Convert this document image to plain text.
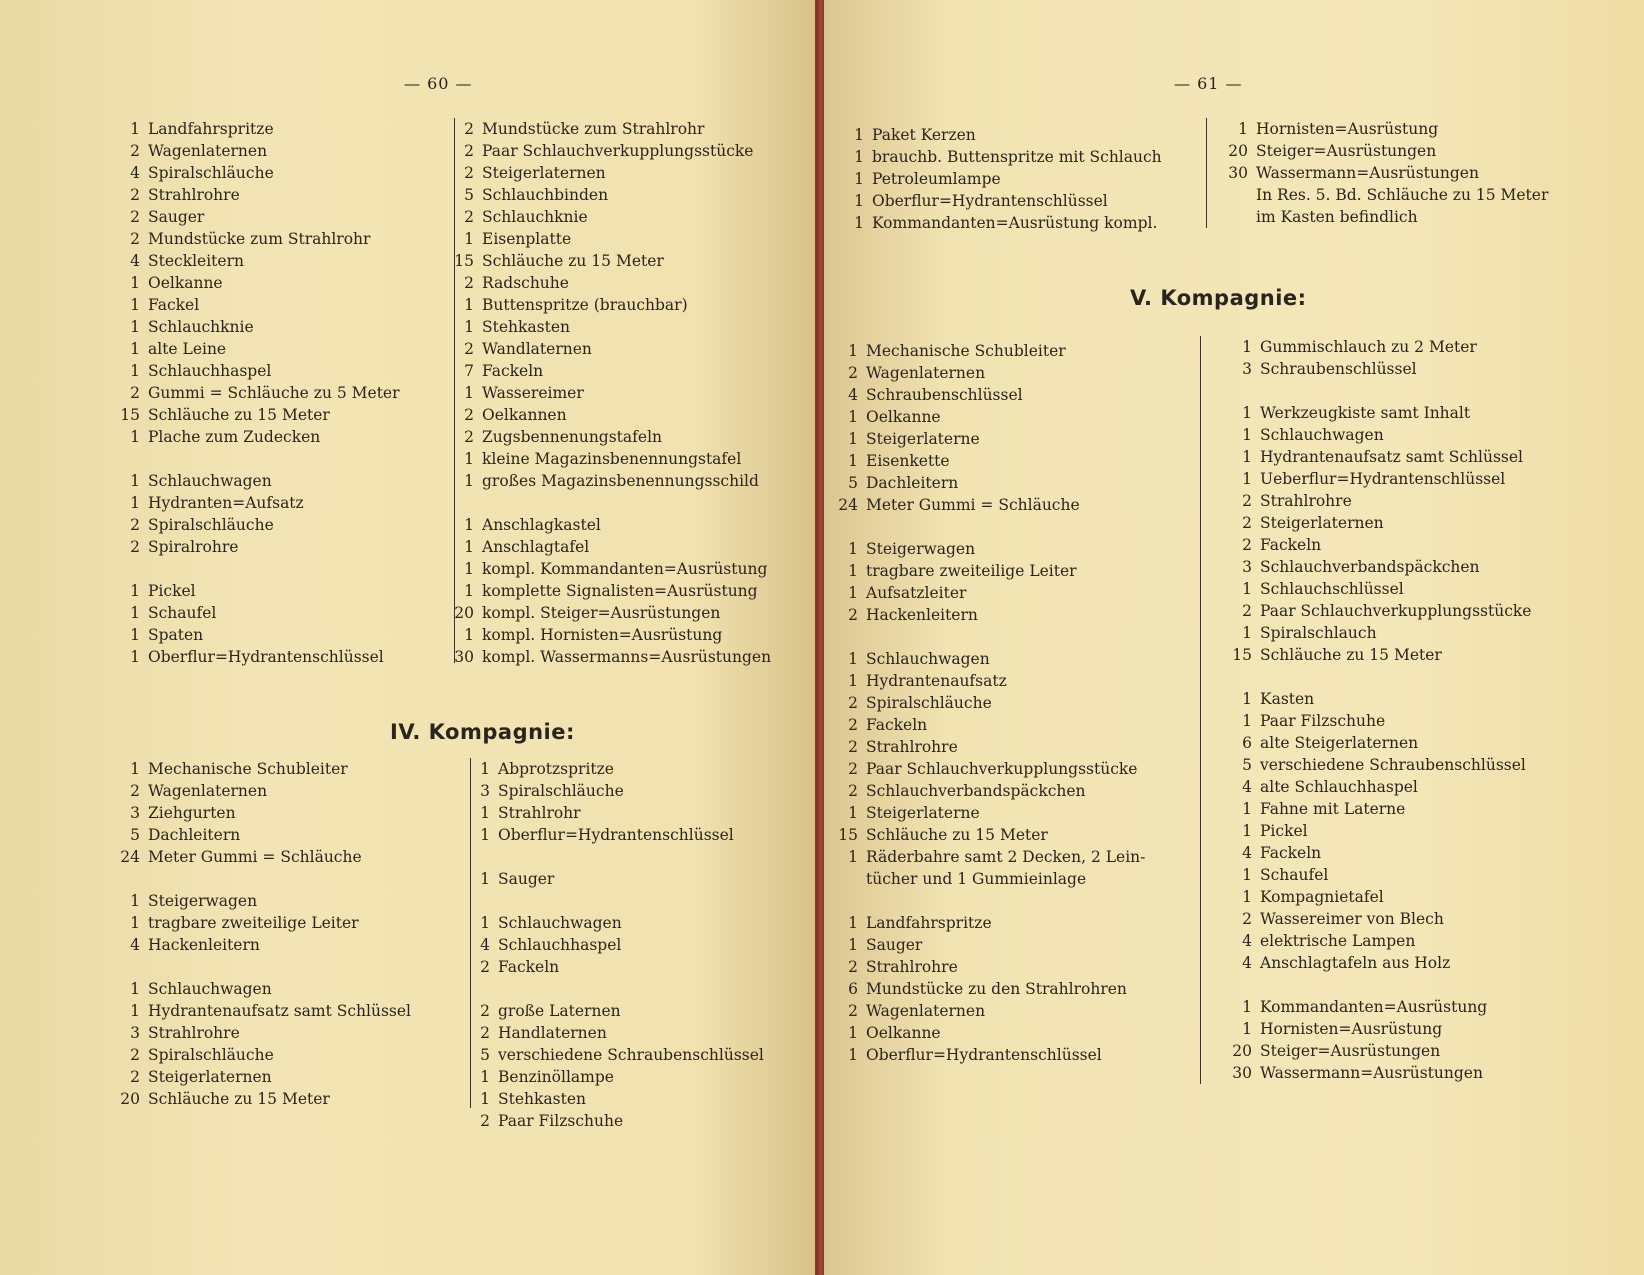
— 60 —
1 Landfahrspritze
2 Wagenlaternen
4 Spiralschläuche
2 Strahlrohre
2 Sauger
2 Mundstücke zum Strahlrohr
4 Steckleitern
1 Oelkanne
1 Fackel
1 Schlauchknie
1 alte Leine
1 Schlauchhaspel
2 Gummi = Schläuche zu 5 Meter
15 Schläuche zu 15 Meter
1 Plache zum Zudecken
1 Schlauchwagen
1 Hydranten=Aufsatz
2 Spiralschläuche
2 Spiralrohre
1 Pickel
1 Schaufel
1 Spaten
1 Oberflur=Hydrantenschlüssel
2 Mundstücke zum Strahlrohr
2 Paar Schlauchverkupplungsstücke
2 Steigerlaternen
5 Schlauchbinden
2 Schlauchknie
1 Eisenplatte
15 Schläuche zu 15 Meter
2 Radschuhe
1 Buttenspritze (brauchbar)
1 Stehkasten
2 Wandlaternen
7 Fackeln
1 Wassereimer
2 Oelkannen
2 Zugsbennenungstafeln
1 kleine Magazinsbenennungstafel
1 großes Magazinsbenennungsschild
1 Anschlagkastel
1 Anschlagtafel
1 kompl. Kommandanten=Ausrüstung
1 komplette Signalisten=Ausrüstung
20 kompl. Steiger=Ausrüstungen
1 kompl. Hornisten=Ausrüstung
30 kompl. Wassermanns=Ausrüstungen
IV. Kompagnie:
1 Mechanische Schubleiter
2 Wagenlaternen
3 Ziehgurten
5 Dachleitern
24 Meter Gummi = Schläuche
1 Steigerwagen
1 tragbare zweiteilige Leiter
4 Hackenleitern
1 Schlauchwagen
1 Hydrantenaufsatz samt Schlüssel
3 Strahlrohre
2 Spiralschläuche
2 Steigerlaternen
20 Schläuche zu 15 Meter
1 Abprotzspritze
3 Spiralschläuche
1 Strahlrohr
1 Oberflur=Hydrantenschlüssel
1 Sauger
1 Schlauchwagen
4 Schlauchhaspel
2 Fackeln
2 große Laternen
2 Handlaternen
5 verschiedene Schraubenschlüssel
1 Benzinöllampe
1 Stehkasten
2 Paar Filzschuhe
— 61 —
1 Paket Kerzen
1 brauchb. Buttenspritze mit Schlauch
1 Petroleumlampe
1 Oberflur=Hydrantenschlüssel
1 Kommandanten=Ausrüstung kompl.
1 Hornisten=Ausrüstung
20 Steiger=Ausrüstungen
30 Wassermann=Ausrüstungen
In Res. 5. Bd. Schläuche zu 15 Meter
im Kasten befindlich
V. Kompagnie:
1 Mechanische Schubleiter
2 Wagenlaternen
4 Schraubenschlüssel
1 Oelkanne
1 Steigerlaterne
1 Eisenkette
5 Dachleitern
24 Meter Gummi = Schläuche
1 Steigerwagen
1 tragbare zweiteilige Leiter
1 Aufsatzleiter
2 Hackenleitern
1 Schlauchwagen
1 Hydrantenaufsatz
2 Spiralschläuche
2 Fackeln
2 Strahlrohre
2 Paar Schlauchverkupplungsstücke
2 Schlauchverbandspäckchen
1 Steigerlaterne
15 Schläuche zu 15 Meter
1 Räderbahre samt 2 Decken, 2 Lein-
tücher und 1 Gummieinlage
1 Landfahrspritze
1 Sauger
2 Strahlrohre
6 Mundstücke zu den Strahlrohren
2 Wagenlaternen
1 Oelkanne
1 Oberflur=Hydrantenschlüssel
1 Gummischlauch zu 2 Meter
3 Schraubenschlüssel
1 Werkzeugkiste samt Inhalt
1 Schlauchwagen
1 Hydrantenaufsatz samt Schlüssel
1 Ueberflur=Hydrantenschlüssel
2 Strahlrohre
2 Steigerlaternen
2 Fackeln
3 Schlauchverbandspäckchen
1 Schlauchschlüssel
2 Paar Schlauchverkupplungsstücke
1 Spiralschlauch
15 Schläuche zu 15 Meter
1 Kasten
1 Paar Filzschuhe
6 alte Steigerlaternen
5 verschiedene Schraubenschlüssel
4 alte Schlauchhaspel
1 Fahne mit Laterne
1 Pickel
4 Fackeln
1 Schaufel
1 Kompagnietafel
2 Wassereimer von Blech
4 elektrische Lampen
4 Anschlagtafeln aus Holz
1 Kommandanten=Ausrüstung
1 Hornisten=Ausrüstung
20 Steiger=Ausrüstungen
30 Wassermann=Ausrüstungen
